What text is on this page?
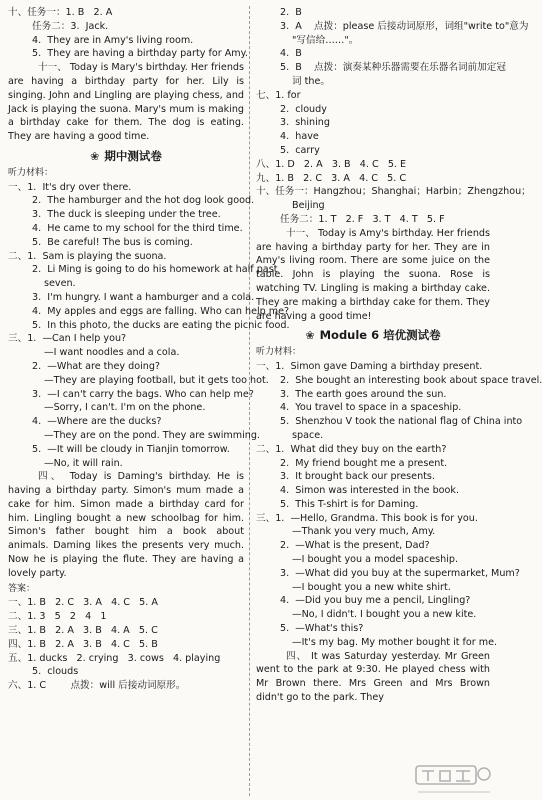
十、 任务一：1. B   2. A
任务二：3.  Jack.
4.  They are in Amy's living room.
5.  They are having a birthday party for Amy.
十一、 Today is Mary's birthday. Her friends are having a birthday party for her. Lily is singing. John and Lingling are playing chess, and Jack is playing the suona. Mary's mum is making a birthday cake for them. The dog is eating. They are having a good time.
❀ 期中测试卷
听力材料：
一、 1.  It's dry over there.
2.  The hamburger and the hot dog look good.
3.  The duck is sleeping under the tree.
4.  He came to my school for the third time.
5.  Be careful! The bus is coming.
二、 1.  Sam is playing the suona.
2.  Li Ming is going to do his homework at half past
seven.
3.  I'm hungry. I want a hamburger and a cola.
4.  My apples and eggs are falling. Who can help me?
5.  In this photo, the ducks are eating the picnic food.
三、 1.  —Can I help you?
—I want noodles and a cola.
2.  —What are they doing?
—They are playing football, but it gets too hot.
3.  —I can't carry the bags. Who can help me?
—Sorry, I can't. I'm on the phone.
4.  —Where are the ducks?
—They are on the pond. They are swimming.
5.  —It will be cloudy in Tianjin tomorrow.
—No, it will rain.
四、 Today is Daming's birthday. He is having a birthday party. Simon's mum made a cake for him. Simon made a birthday card for him. Lingling bought a new schoolbag for him. Simon's father bought him a book about animals. Daming likes the presents very much. Now he is playing the flute. They are having a lovely party.
答案：
一、 1. B   2. C   3. A   4. C   5. A
二、 1. 3   5   2   4   1
三、 1. B   2. A   3. B   4. A   5. C
四、 1. B   2. A   3. B   4. C   5. B
五、 1. ducks   2. crying   3. cows   4. playing
5.  clouds
六、 1. C        点拨：will 后接动词原形。
2.  B
3.  A    点拨：please 后接动词原形，词组"write to"意为
"写信给……"。
4.  B
5.  B    点拨：演奏某种乐器需要在乐器名词前加定冠
词 the。
七、 1. for
2.  cloudy
3.  shining
4.  have
5.  carry
八、 1. D   2. A   3. B   4. C   5. E
九、 1. B   2. C   3. A   4. C   5. C
十、 任务一：Hangzhou；Shanghai；Harbin；Zhengzhou；
Beijing
任务二：1. T   2. F   3. T   4. T   5. F
十一、 Today is Amy's birthday. Her friends are having a birthday party for her. They are in Amy's living room. There are some juice on the table. John is playing the suona. Rose is watching TV. Lingling is making a birthday cake. They are making a birthday cake for them. They are having a good time!
❀ Module 6 培优测试卷
听力材料：
一、 1.  Simon gave Daming a birthday present.
2.  She bought an interesting book about space travel.
3.  The earth goes around the sun.
4.  You travel to space in a spaceship.
5.  Shenzhou V took the national flag of China into
space.
二、 1.  What did they buy on the earth?
2.  My friend bought me a present.
3.  It brought back our presents.
4.  Simon was interested in the book.
5.  This T-shirt is for Daming.
三、 1.  —Hello, Grandma. This book is for you.
—Thank you very much, Amy.
2.  —What is the present, Dad?
—I bought you a model spaceship.
3.  —What did you buy at the supermarket, Mum?
—I bought you a new white shirt.
4.  —Did you buy me a pencil, Lingling?
—No, I didn't. I bought you a new kite.
5.  —What's this?
—It's my bag. My mother bought it for me.
四、 It was Saturday yesterday. Mr Green went to the park at 9:30. He played chess with Mr Brown there. Mrs Green and Mrs Brown didn't go to the park. They
